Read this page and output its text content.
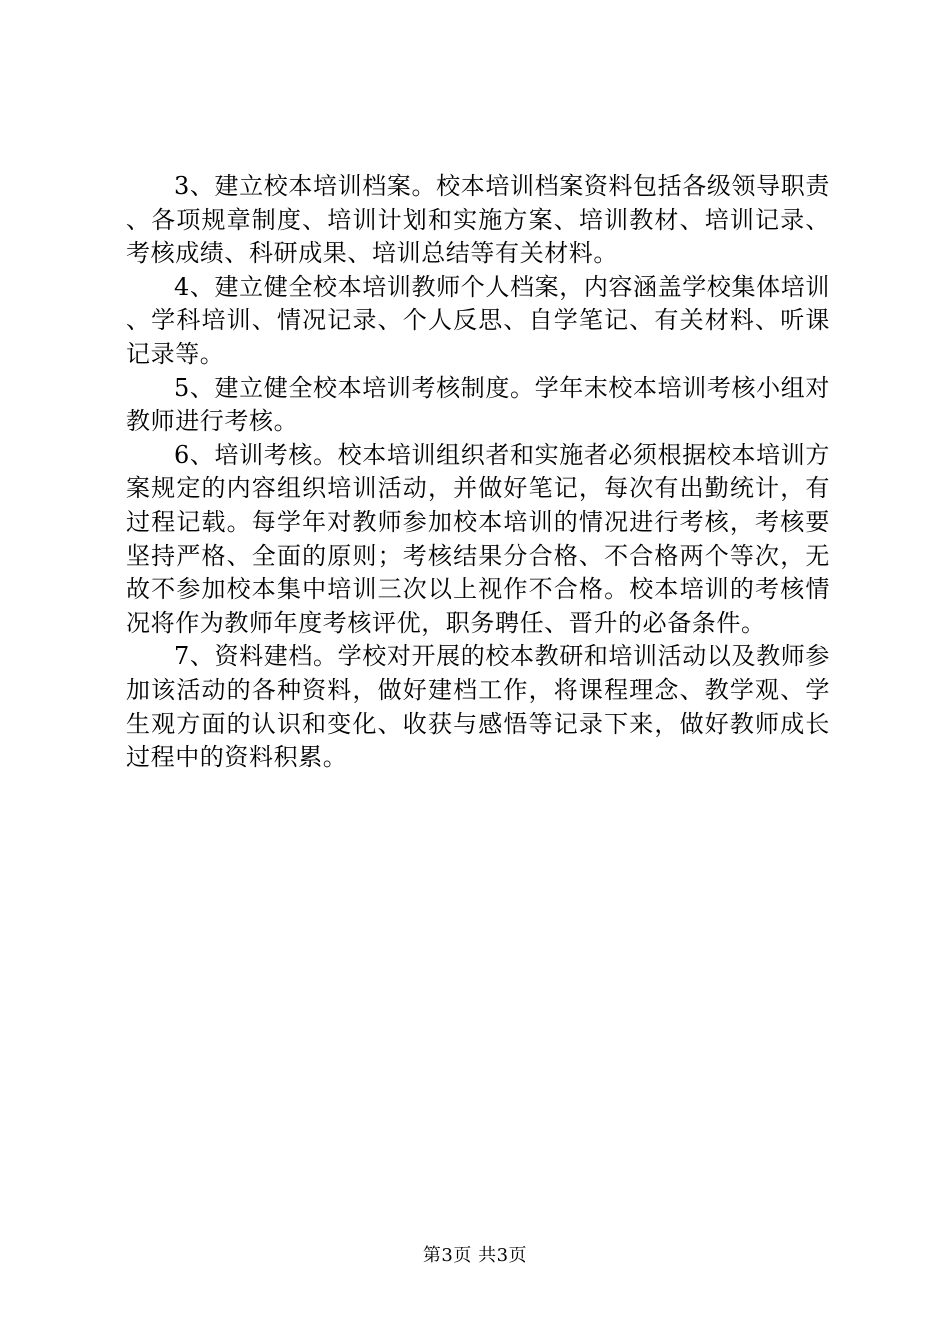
3、建立校本培训档案。校本培训档案资料包括各级领导职责、各项规章制度、培训计划和实施方案、培训教材、培训记录、考核成绩、科研成果、培训总结等有关材料。

4、建立健全校本培训教师个人档案，内容涵盖学校集体培训、学科培训、情况记录、个人反思、自学笔记、有关材料、听课记录等。

5、建立健全校本培训考核制度。学年末校本培训考核小组对教师进行考核。

6、培训考核。校本培训组织者和实施者必须根据校本培训方案规定的内容组织培训活动，并做好笔记，每次有出勤统计，有过程记载。每学年对教师参加校本培训的情况进行考核，考核要坚持严格、全面的原则；考核结果分合格、不合格两个等次，无故不参加校本集中培训三次以上视作不合格。校本培训的考核情况将作为教师年度考核评优，职务聘任、晋升的必备条件。

7、资料建档。学校对开展的校本教研和培训活动以及教师参加该活动的各种资料，做好建档工作，将课程理念、教学观、学生观方面的认识和变化、收获与感悟等记录下来，做好教师成长过程中的资料积累。

第3页 共3页
